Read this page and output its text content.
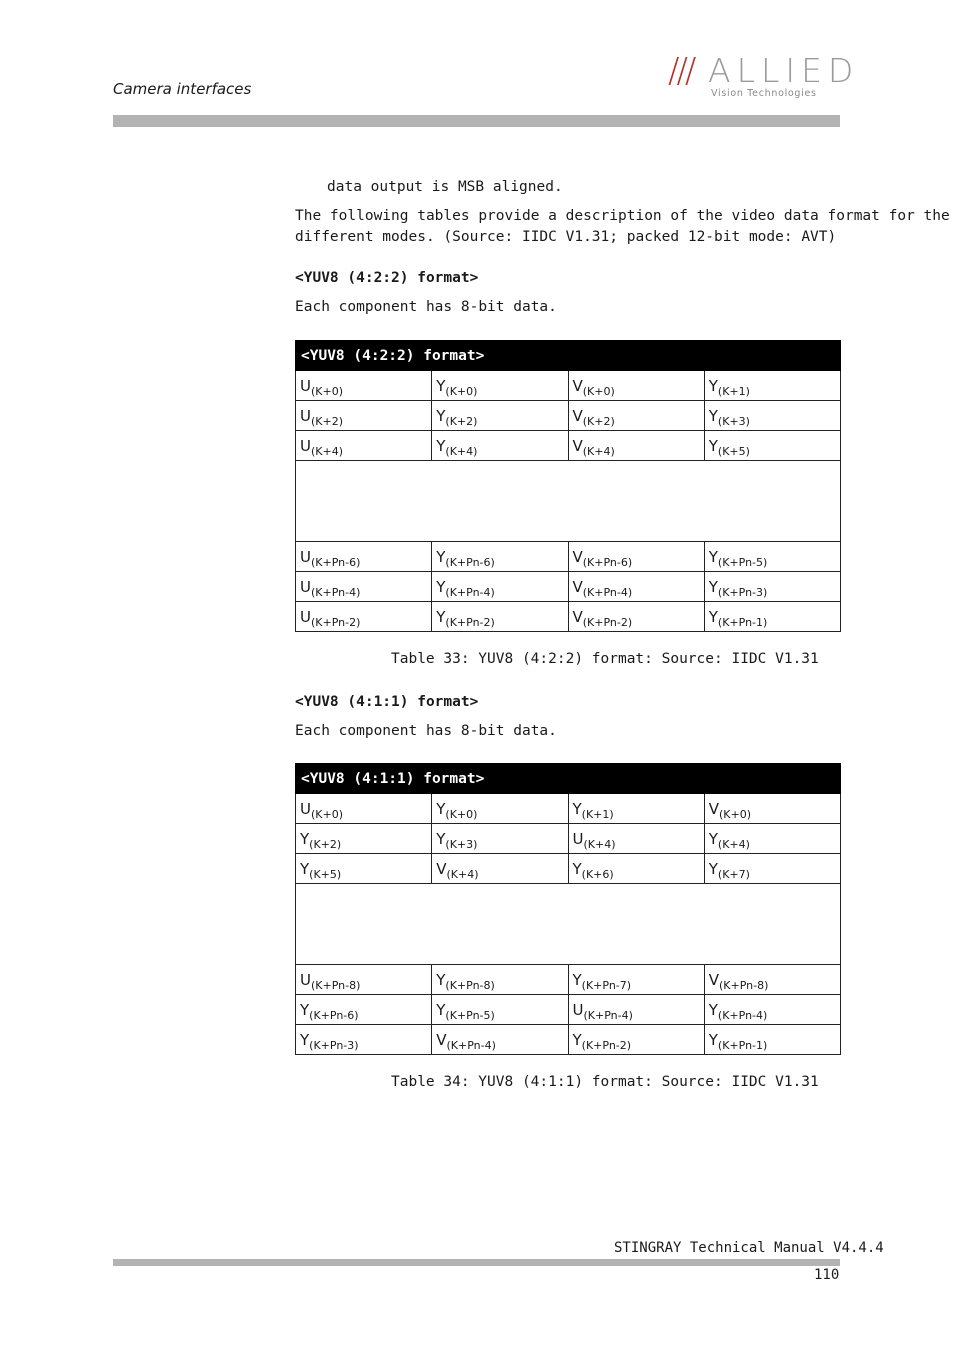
Camera interfaces	/// ALLIED
Vision Technologies
data output is MSB aligned.
The following tables provide a description of the video data format for the
different modes. (Source: IIDC V1.31; packed 12-bit mode: AVT)
<YUV8 (4:2:2) format>
Each component has 8-bit data.
<YUV8 (4:2:2) format>			
$U_{(K+0)}$	$Y_{(K+0)}$	$V_{(K+0)}$	$Y_{(K+1)}$
$U_{(K+2)}$	$Y_{(K+2)}$	$V_{(K+2)}$	$Y_{(K+3)}$
$U_{(K+4)}$	$Y_{(K+4)}$	$V_{(K+4)}$	$Y_{(K+5)}$

$U_{(K+Pn-6)}$	$Y_{(K+Pn-6)}$	$V_{(K+Pn-6)}$	$Y_{(K+Pn-5)}$
$U_{(K+Pn-4)}$	$Y_{(K+Pn-4)}$	$V_{(K+Pn-4)}$	$Y_{(K+Pn-3)}$
$U_{(K+Pn-2)}$	$Y_{(K+Pn-2)}$	$V_{(K+Pn-2)}$	$Y_{(K+Pn-1)}$
Table 33: YUV8 (4:2:2) format: Source: IIDC V1.31
<YUV8 (4:1:1) format>
Each component has 8-bit data.
<YUV8 (4:1:1) format>			
$U_{(K+0)}$	$Y_{(K+0)}$	$Y_{(K+1)}$	$V_{(K+0)}$
$Y_{(K+2)}$	$Y_{(K+3)}$	$U_{(K+4)}$	$Y_{(K+4)}$
$Y_{(K+5)}$	$V_{(K+4)}$	$Y_{(K+6)}$	$Y_{(K+7)}$

$U_{(K+Pn-8)}$	$Y_{(K+Pn-8)}$	$Y_{(K+Pn-7)}$	$V_{(K+Pn-8)}$
$Y_{(K+Pn-6)}$	$Y_{(K+Pn-5)}$	$U_{(K+Pn-4)}$	$Y_{(K+Pn-4)}$
$Y_{(K+Pn-3)}$	$V_{(K+Pn-4)}$	$Y_{(K+Pn-2)}$	$Y_{(K+Pn-1)}$
Table 34: YUV8 (4:1:1) format: Source: IIDC V1.31
STINGRAY Technical Manual V4.4.4
110
